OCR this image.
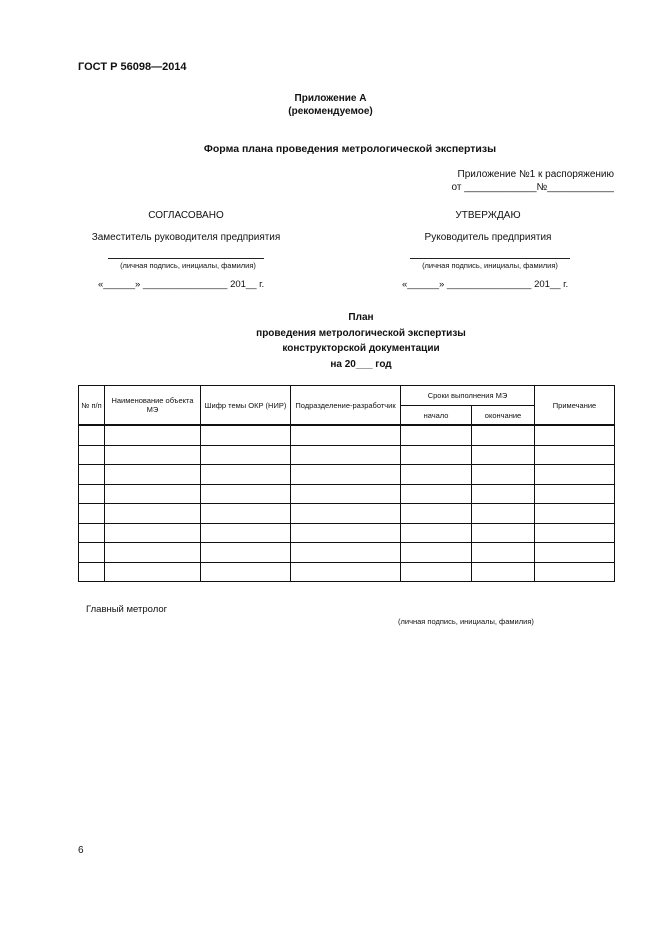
ГОСТ Р 56098—2014
Приложение А
(рекомендуемое)
Форма плана проведения метрологической экспертизы
Приложение №1 к распоряжению
от _____________№____________
СОГЛАСОВАНО
Заместитель руководителя предприятия
(личная подпись, инициалы, фамилия)
«______» ________________ 201__ г.
УТВЕРЖДАЮ
Руководитель предприятия
(личная подпись, инициалы, фамилия)
«______» ________________ 201__ г.
План
проведения метрологической экспертизы
конструкторской документации
на 20___ год
№ п/п	Наименование объекта МЭ	Шифр темы ОКР (НИР)	Подразделение-разработчик	Сроки выполнения МЭ		Примечание
				начало	окончание	

Главный метролог
(личная подпись, инициалы, фамилия)
6
